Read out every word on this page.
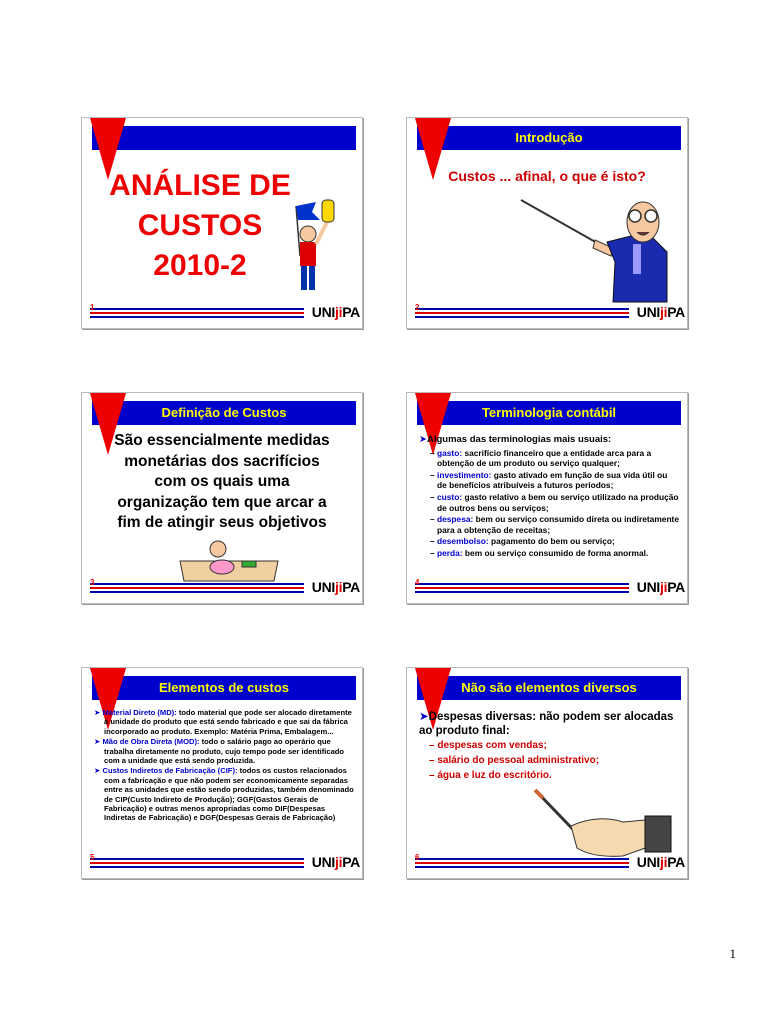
ANÁLISE DE
CUSTOS
2010-2
1	UNIjiPA
Introdução
Custos ... afinal, o que é isto?
2	UNIjiPA
Definição de Custos
São essencialmente medidas
monetárias dos sacrifícios
com os quais uma
organização tem que arcar a
fim de atingir seus objetivos
3	UNIjiPA
Terminologia contábil
➤Algumas das terminologias mais usuais:
– gasto: sacrifício financeiro que a entidade arca para a obtenção de um produto ou serviço qualquer;
– investimento: gasto ativado em função de sua vida útil ou de benefícios atribuíveis a futuros períodos;
– custo: gasto relativo a bem ou serviço utilizado na produção de outros bens ou serviços;
– despesa: bem ou serviço consumido direta ou indiretamente para a obtenção de receitas;
– desembolso: pagamento do bem ou serviço;
– perda: bem ou serviço consumido de forma anormal.
4	UNIjiPA
Elementos de custos
➤ Material Direto (MD): todo material que pode ser alocado diretamente à unidade do produto que está sendo fabricado e que sai da fábrica incorporado ao produto. Exemplo: Matéria Prima, Embalagem...
➤ Mão de Obra Direta (MOD): todo o salário pago ao operário que trabalha diretamente no produto, cujo tempo pode ser identificado com a unidade que está sendo produzida.
➤ Custos Indiretos de Fabricação (CIF): todos os custos relacionados com a fabricação e que não podem ser economicamente separadas entre as unidades que estão sendo produzidas, também denominado de CIP(Custo Indireto de Produção); GGF(Gastos Gerais de Fabricação) e outras menos apropriadas como DIF(Despesas Indiretas de Fabricação) e DGF(Despesas Gerais de Fabricação)
5	UNIjiPA
Não são elementos diversos
➤Despesas diversas: não podem ser alocadas ao produto final:
– despesas com vendas;
– salário do pessoal administrativo;
– água e luz do escritório.
6	UNIjiPA
1
